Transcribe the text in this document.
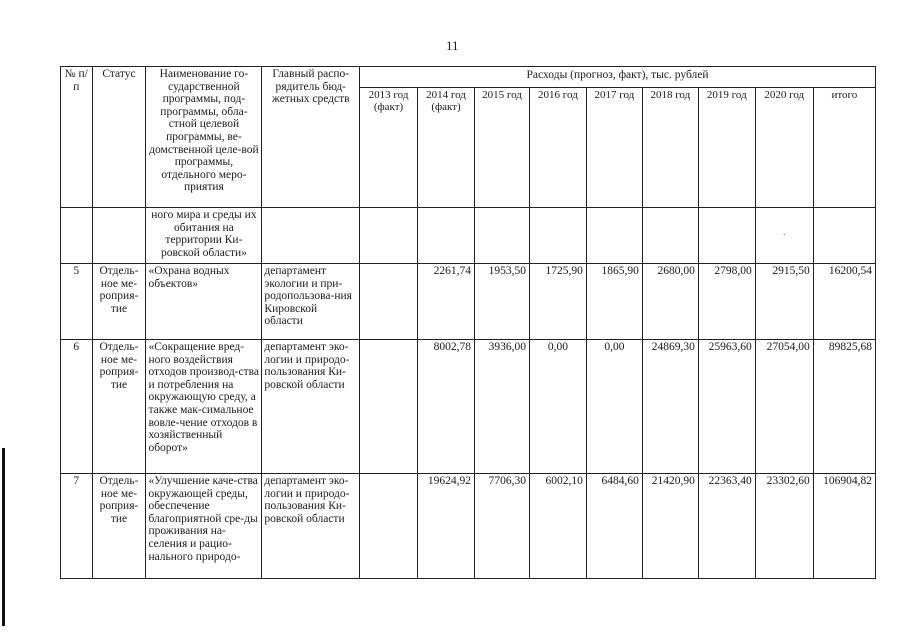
11
№ п/п	Статус	Наименование го-сударственной программы, под-программы, обла-стной целевой программы, ве-домственной целе-вой программы, отдельного меро-приятия	Главный распо-рядитель бюд-жетных средств	Расходы (прогноз, факт), тыс. рублей								
				2013 год (факт)	2014 год (факт)	2015 год	2016 год	2017 год	2018 год	2019 год	2020 год	итого
		ного мира и среды их обитания на территории Ки-ровской области»									·	
5	Отдель-ное ме-роприя-тие	«Охрана водных объектов»	департамент экологии и при-родопользова-ния Кировской области		2261,74	1953,50	1725,90	1865,90	2680,00	2798,00	2915,50	16200,54
6	Отдель-ное ме-роприя-тие	«Сокращение вред-ного воздействия отходов производ-ства и потребления на окружающую среду, а также мак-симальное вовле-чение отходов в хозяйственный оборот»	департамент эко-логии и природо-пользования Ки-ровской области		8002,78	3936,00	0,00	0,00	24869,30	25963,60	27054,00	89825,68
7	Отдель-ное ме-роприя-тие	«Улучшение каче-ства окружающей среды, обеспечение благоприятной сре-ды проживания на-селения и рацио-нального природо-	департамент эко-логии и природо-пользования Ки-ровской области		19624,92	7706,30	6002,10	6484,60	21420,90	22363,40	23302,60	106904,82
